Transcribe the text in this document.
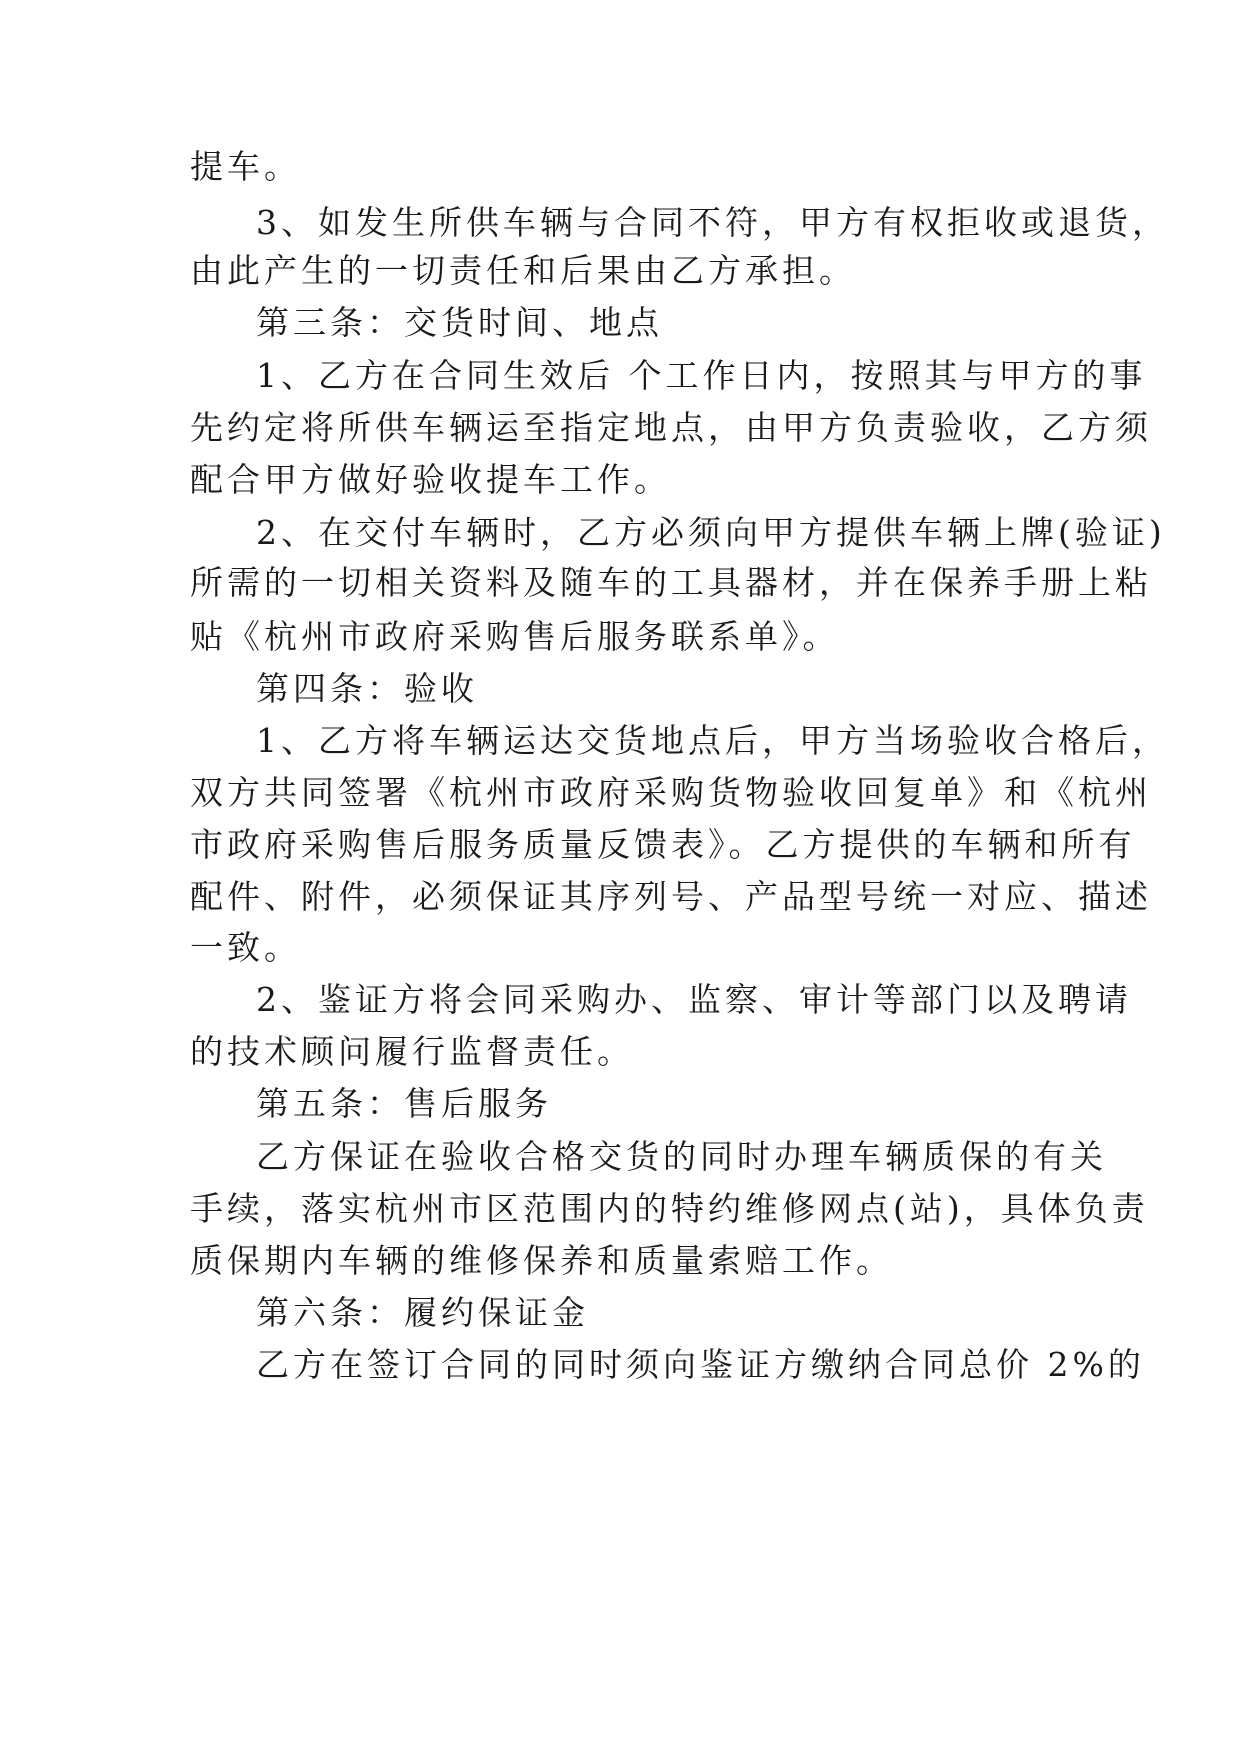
提车。
3、如发生所供车辆与合同不符，甲方有权拒收或退货，
由此产生的一切责任和后果由乙方承担。
第三条：交货时间、地点
1、乙方在合同生效后 个工作日内，按照其与甲方的事
先约定将所供车辆运至指定地点，由甲方负责验收，乙方须
配合甲方做好验收提车工作。
2、在交付车辆时，乙方必须向甲方提供车辆上牌(验证)
所需的一切相关资料及随车的工具器材，并在保养手册上粘
贴《杭州市政府采购售后服务联系单》。
第四条：验收
1、乙方将车辆运达交货地点后，甲方当场验收合格后，
双方共同签署《杭州市政府采购货物验收回复单》和《杭州
市政府采购售后服务质量反馈表》。乙方提供的车辆和所有
配件、附件，必须保证其序列号、产品型号统一对应、描述
一致。
2、鉴证方将会同采购办、监察、审计等部门以及聘请
的技术顾问履行监督责任。
第五条：售后服务
乙方保证在验收合格交货的同时办理车辆质保的有关
手续，落实杭州市区范围内的特约维修网点(站)，具体负责
质保期内车辆的维修保养和质量索赔工作。
第六条：履约保证金
乙方在签订合同的同时须向鉴证方缴纳合同总价 2%的
